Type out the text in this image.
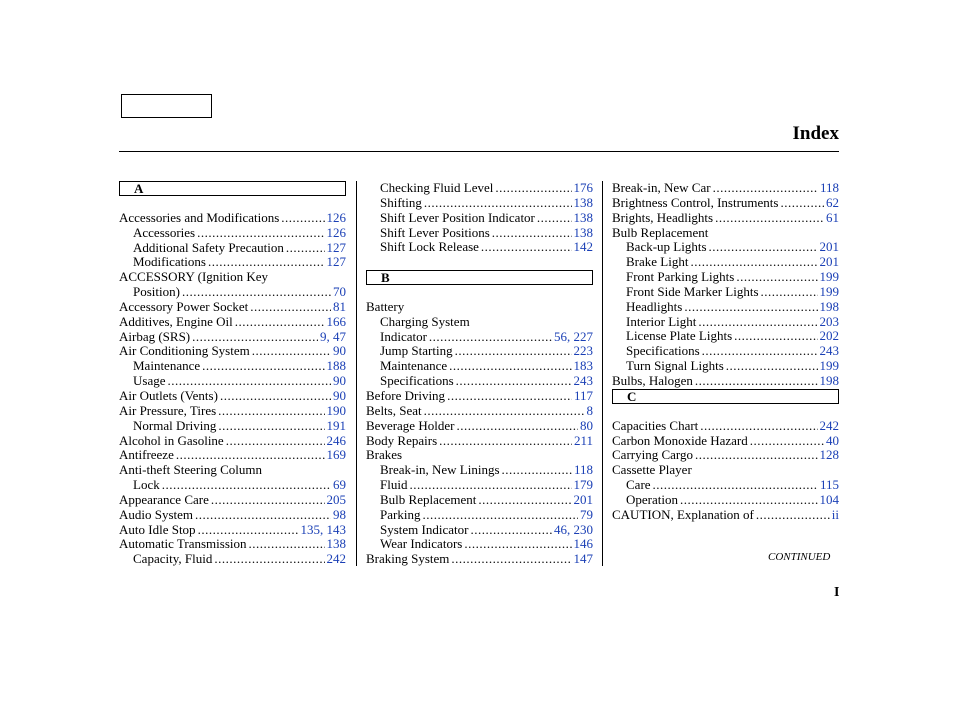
Index
A
Accessories and Modifications .....	126
Accessories .....	126
Additional Safety Precaution .....	127
Modifications .....	127
ACCESSORY (Ignition Key
Position) .....	70
Accessory Power Socket .....	81
Additives, Engine Oil .....	166
Airbag (SRS) .....	9, 47
Air Conditioning System .....	90
Maintenance .....	188
Usage .....	90
Air Outlets (Vents) .....	90
Air Pressure, Tires .....	190
Normal Driving .....	191
Alcohol in Gasoline .....	246
Antifreeze .....	169
Anti-theft Steering Column
Lock .....	69
Appearance Care .....	205
Audio System .....	98
Auto Idle Stop .....	135, 143
Automatic Transmission .....	138
Capacity, Fluid .....	242
Checking Fluid Level .....	176
Shifting .....	138
Shift Lever Position Indicator .....	138
Shift Lever Positions .....	138
Shift Lock Release .....	142
B
Battery
Charging System
Indicator .....	56, 227
Jump Starting .....	223
Maintenance .....	183
Specifications .....	243
Before Driving .....	117
Belts, Seat .....	8
Beverage Holder .....	80
Body Repairs .....	211
Brakes
Break-in, New Linings .....	118
Fluid .....	179
Bulb Replacement .....	201
Parking .....	79
System Indicator .....	46, 230
Wear Indicators .....	146
Braking System .....	147
Break-in, New Car .....	118
Brightness Control, Instruments .....	62
Brights, Headlights .....	61
Bulb Replacement
Back-up Lights .....	201
Brake Light .....	201
Front Parking Lights .....	199
Front Side Marker Lights .....	199
Headlights .....	198
Interior Light .....	203
License Plate Lights .....	202
Specifications .....	243
Turn Signal Lights .....	199
Bulbs, Halogen .....	198
C
Capacities Chart .....	242
Carbon Monoxide Hazard .....	40
Carrying Cargo .....	128
Cassette Player
Care .....	115
Operation .....	104
CAUTION, Explanation of .....	ii
CONTINUED
I
